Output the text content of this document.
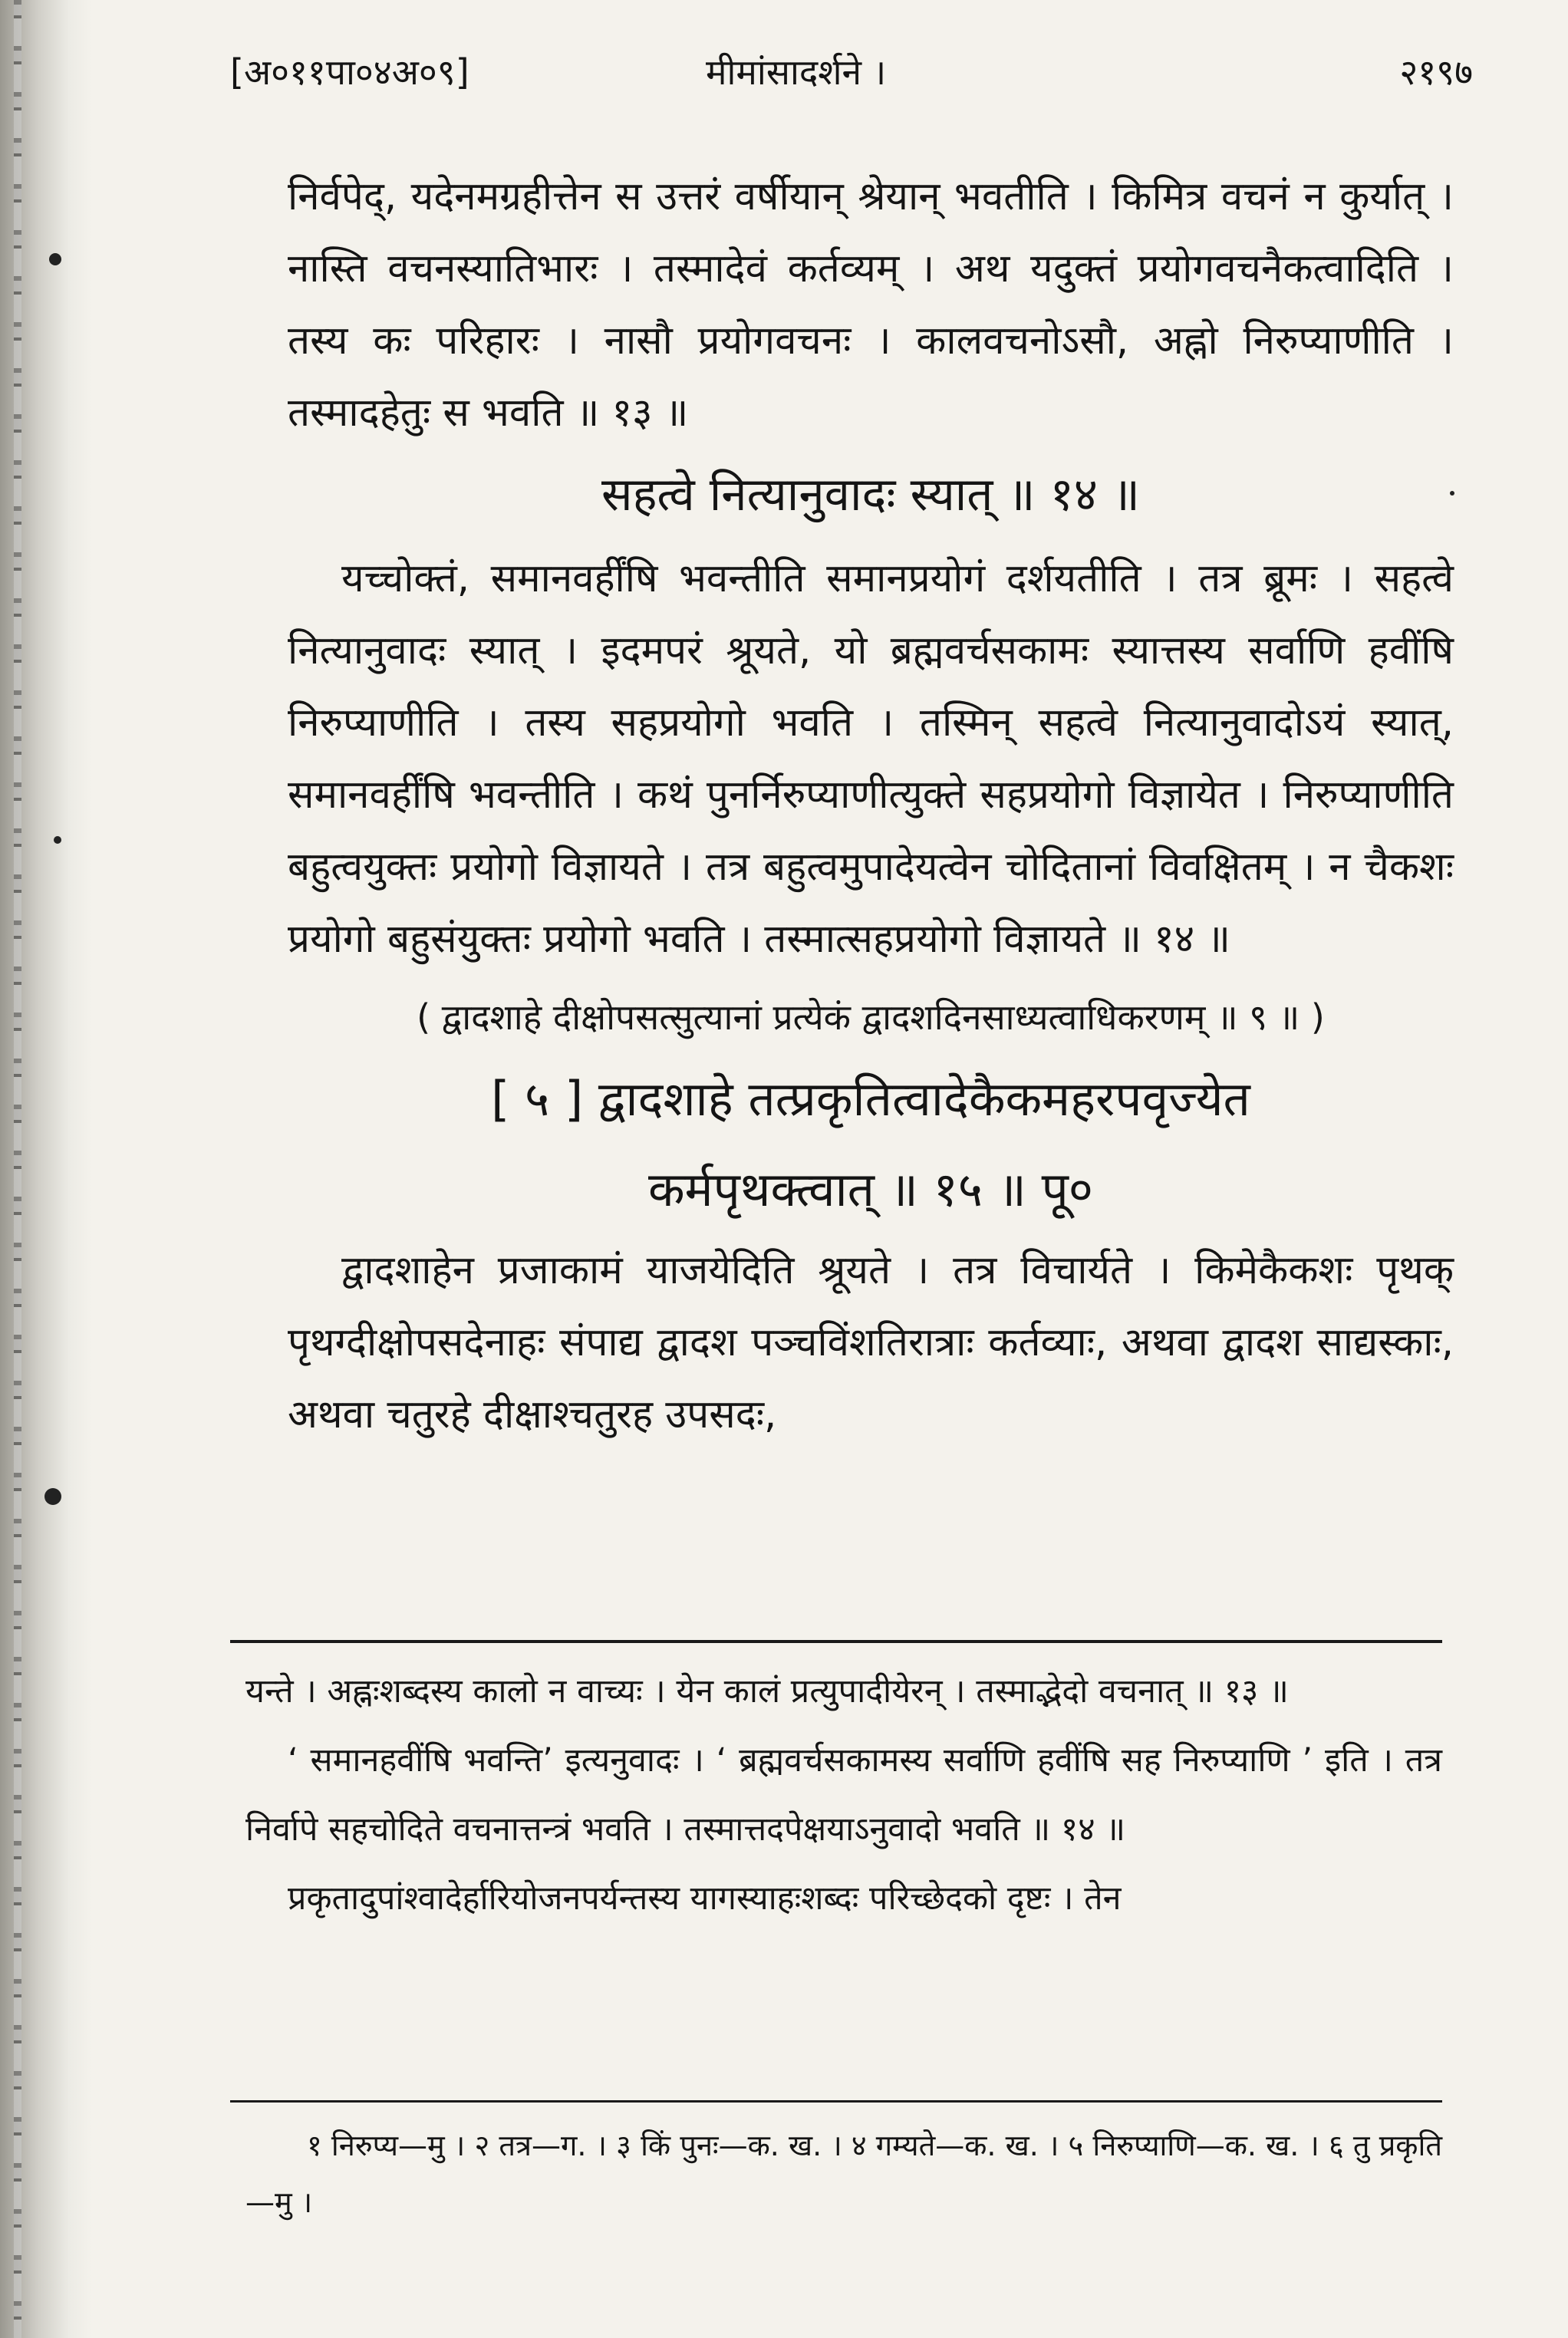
[अ०११पा०४अ०९]	मीमांसादर्शने ।	२१९७

निर्वपेद्, यदेनमग्रहीत्तेन स उत्तरं वर्षीयान् श्रेयान् भवतीति । किमित्र वचनं न कुर्यात् । नास्ति वचनस्यातिभारः । तस्मादेवं कर्तव्यम् । अथ यदुक्तं प्रयोगवचनैकत्वादिति । तस्य कः परिहारः । नासौ प्रयोगवचनः । कालवचनोऽसौ, अह्नो निरुप्याणीति । तस्मादहेतुः स भवति ॥ १३ ॥

सहत्वे नित्यानुवादः स्यात् ॥ १४ ॥

यच्चोक्तं, समानवर्हींषि भवन्तीति समानप्रयोगं दर्शयतीति । तत्र ब्रूमः । सहत्वे नित्यानुवादः स्यात् । इदमपरं श्रूयते, यो ब्रह्मवर्चसकामः स्यात्तस्य सर्वाणि हवींषि निरुप्याणीति । तस्य सहप्रयोगो भवति । तस्मिन् सहत्वे नित्यानुवादोऽयं स्यात्, समानवर्हींषि भवन्तीति । कथं पुनर्निरुप्याणीत्युक्ते सहप्रयोगो विज्ञायेत । निरुप्याणीति बहुत्वयुक्तः प्रयोगो विज्ञायते । तत्र बहुत्वमुपादेयत्वेन चोदितानां विवक्षितम् । न चैकशः प्रयोगो बहुसंयुक्तः प्रयोगो भवति । तस्मात्सहप्रयोगो विज्ञायते ॥ १४ ॥

( द्वादशाहे दीक्षोपसत्सुत्यानां प्रत्येकं द्वादशदिनसाध्यत्वाधिकरणम् ॥ ९ ॥ )

[ ५ ] द्वादशाहे तत्प्रकृतित्वादेकैकमहरपवृज्येत

कर्मपृथक्त्वात् ॥ १५ ॥ पू०

द्वादशाहेन प्रजाकामं याजयेदिति श्रूयते । तत्र विचार्यते । किमेकैकशः पृथक् पृथग्दीक्षोपसदेनाहः संपाद्य द्वादश पञ्चविंशतिरात्राः कर्तव्याः, अथवा द्वादश साद्यस्काः, अथवा चतुरहे दीक्षाश्चतुरह उपसदः,

यन्ते । अह्नःशब्दस्य कालो न वाच्यः । येन कालं प्रत्युपादीयेरन् । तस्माद्भेदो वचनात् ॥ १३ ॥

‘ समानहवींषि भवन्ति’ इत्यनुवादः । ‘ ब्रह्मवर्चसकामस्य सर्वाणि हवींषि सह निरुप्याणि ’ इति । तत्र निर्वापे सहचोदिते वचनात्तन्त्रं भवति । तस्मात्तदपेक्षयाऽनुवादो भवति ॥ १४ ॥

प्रकृतादुपांश्वादेर्हारियोजनपर्यन्तस्य यागस्याहःशब्दः परिच्छेदको दृष्टः । तेन

१ निरुप्य—मु । २ तत्र—ग. । ३ किं पुनः—क. ख. । ४ गम्यते—क. ख. । ५ निरुप्याणि—क. ख. । ६ तु प्रकृति —मु ।
